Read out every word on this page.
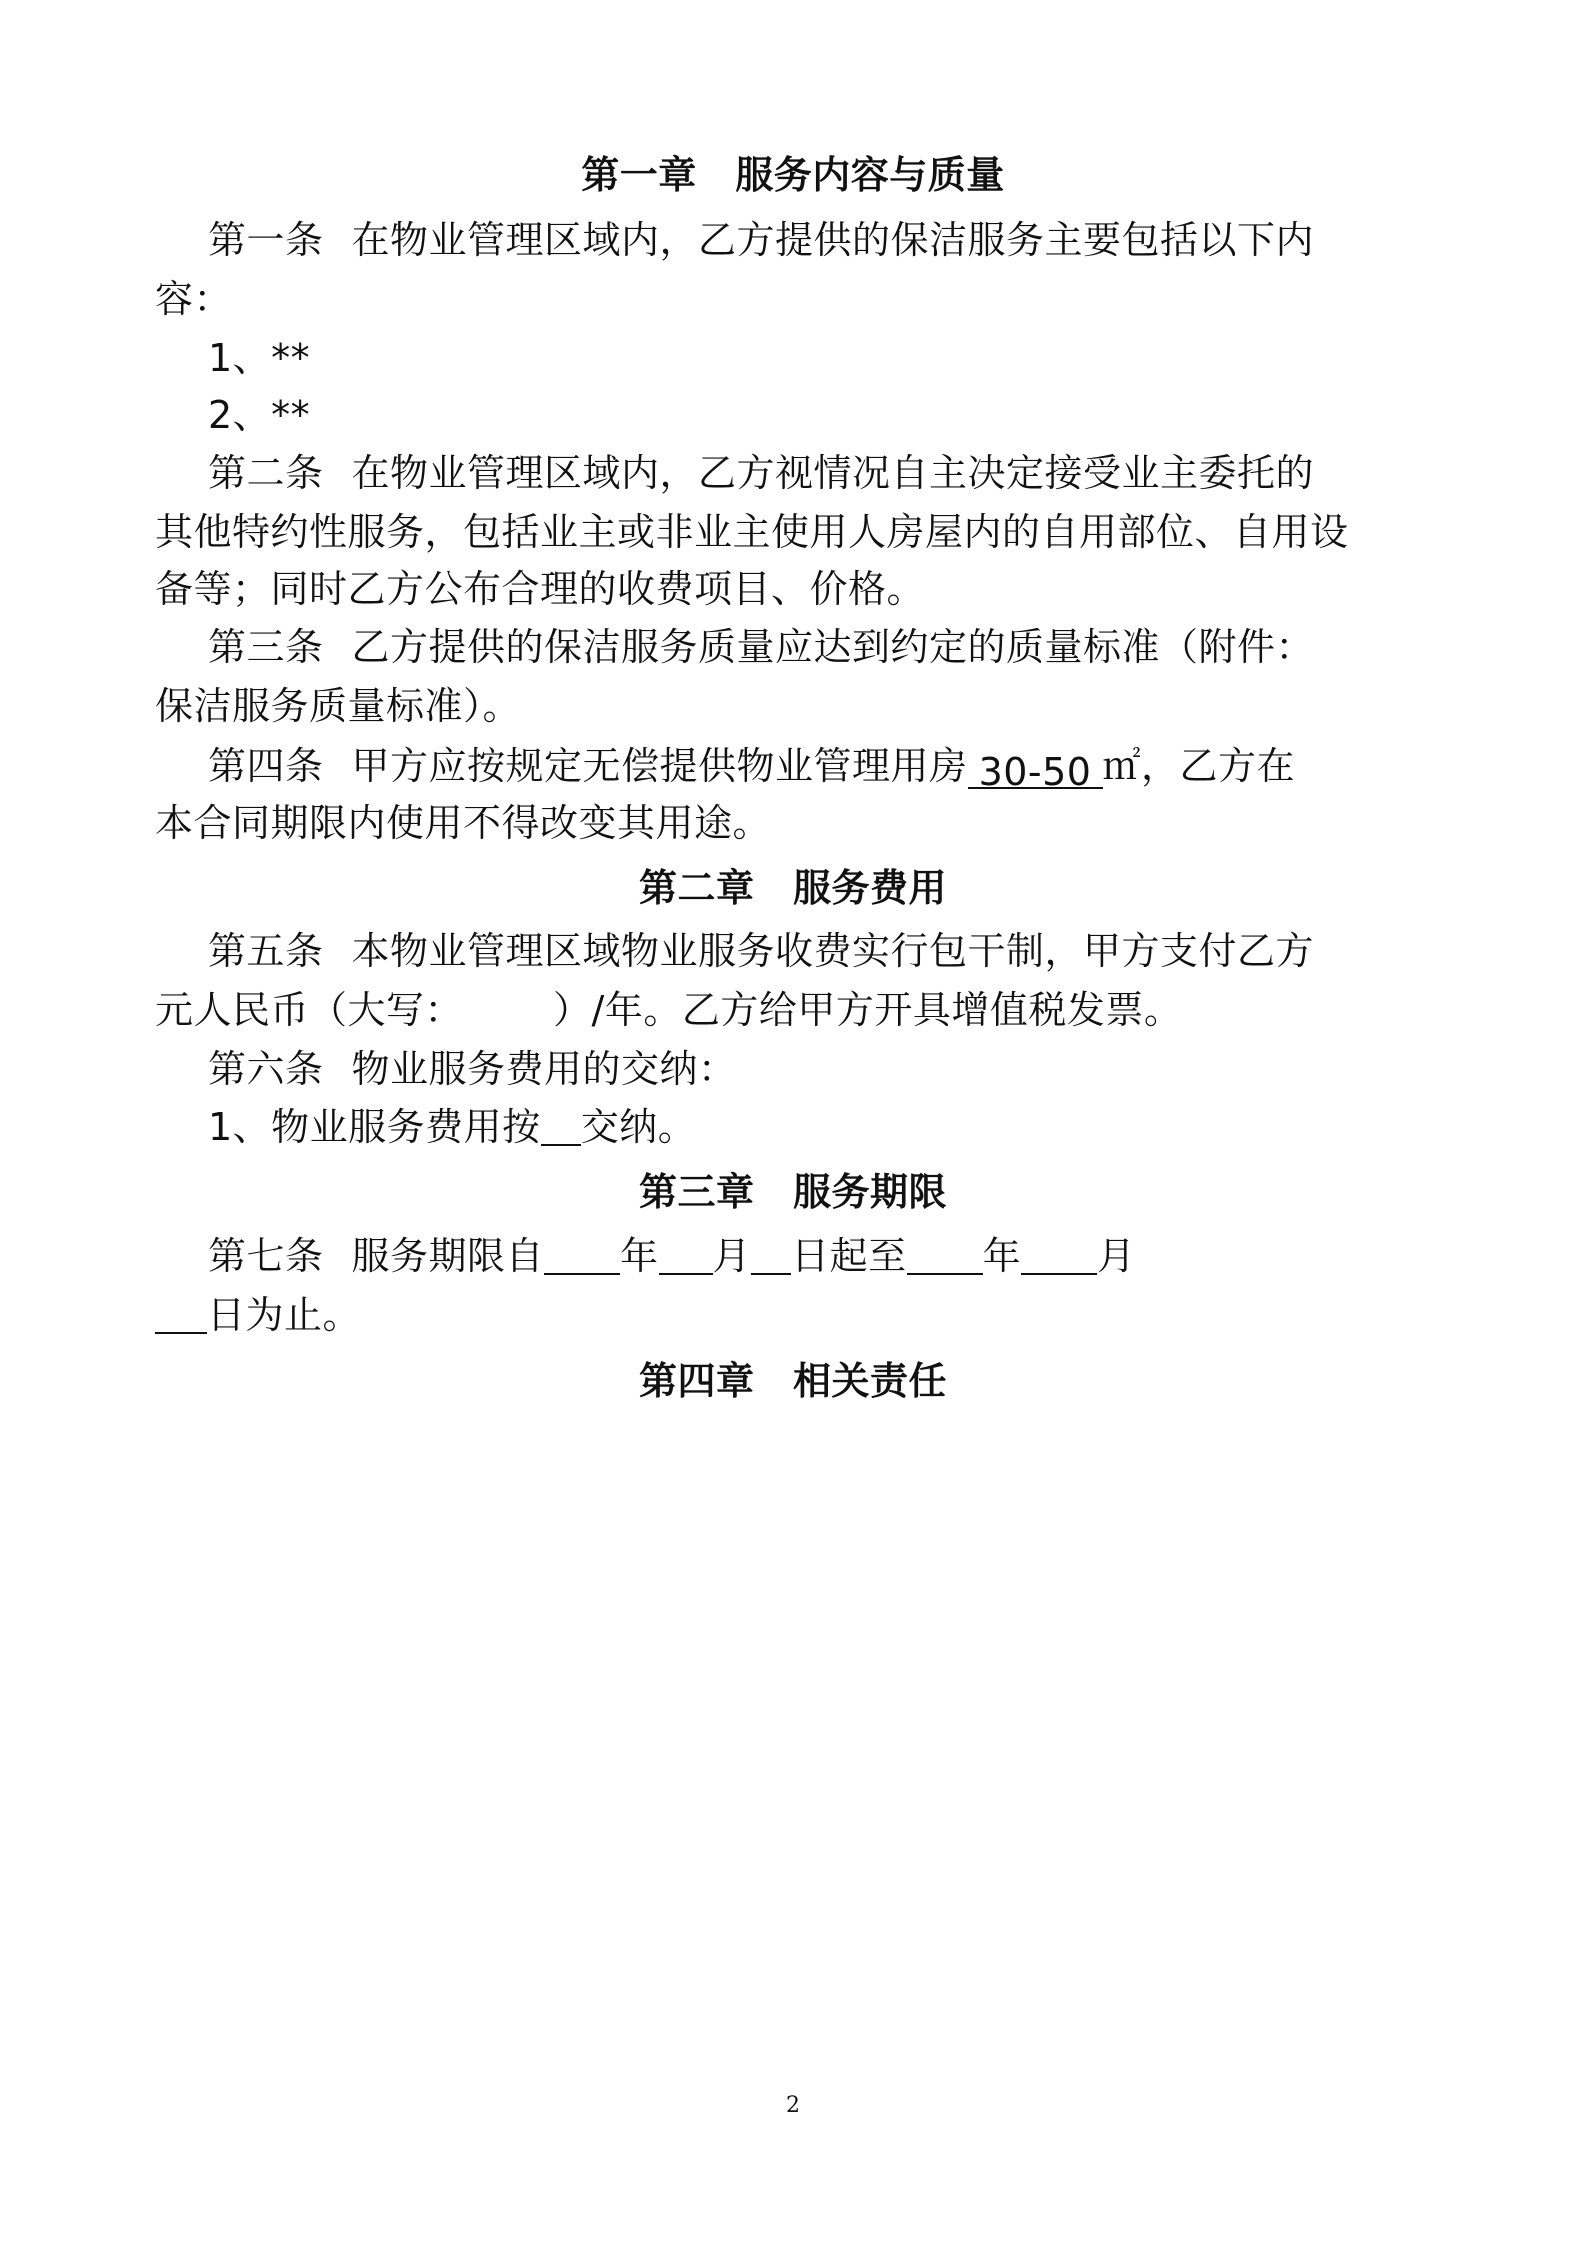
第一章　服务内容与质量
第一条 在物业管理区域内，乙方提供的保洁服务主要包括以下内
容：
1、**
2、**
第二条 在物业管理区域内，乙方视情况自主决定接受业主委托的
其他特约性服务，包括业主或非业主使用人房屋内的自用部位、自用设
备等；同时乙方公布合理的收费项目、价格。
第三条 乙方提供的保洁服务质量应达到约定的质量标准（附件：
保洁服务质量标准）。
第四条 甲方应按规定无偿提供物业管理用房 30-50 ㎡，乙方在
本合同期限内使用不得改变其用途。
第二章　服务费用
第五条 本物业管理区域物业服务收费实行包干制，甲方支付乙方
元人民币（大写： ）/年。乙方给甲方开具增值税发票。
第六条 物业服务费用的交纳：
1、物业服务费用按 交纳。
第三章　服务期限
第七条 服务期限自 年 月 日起至 年 月
日为止。
第四章　相关责任
2
